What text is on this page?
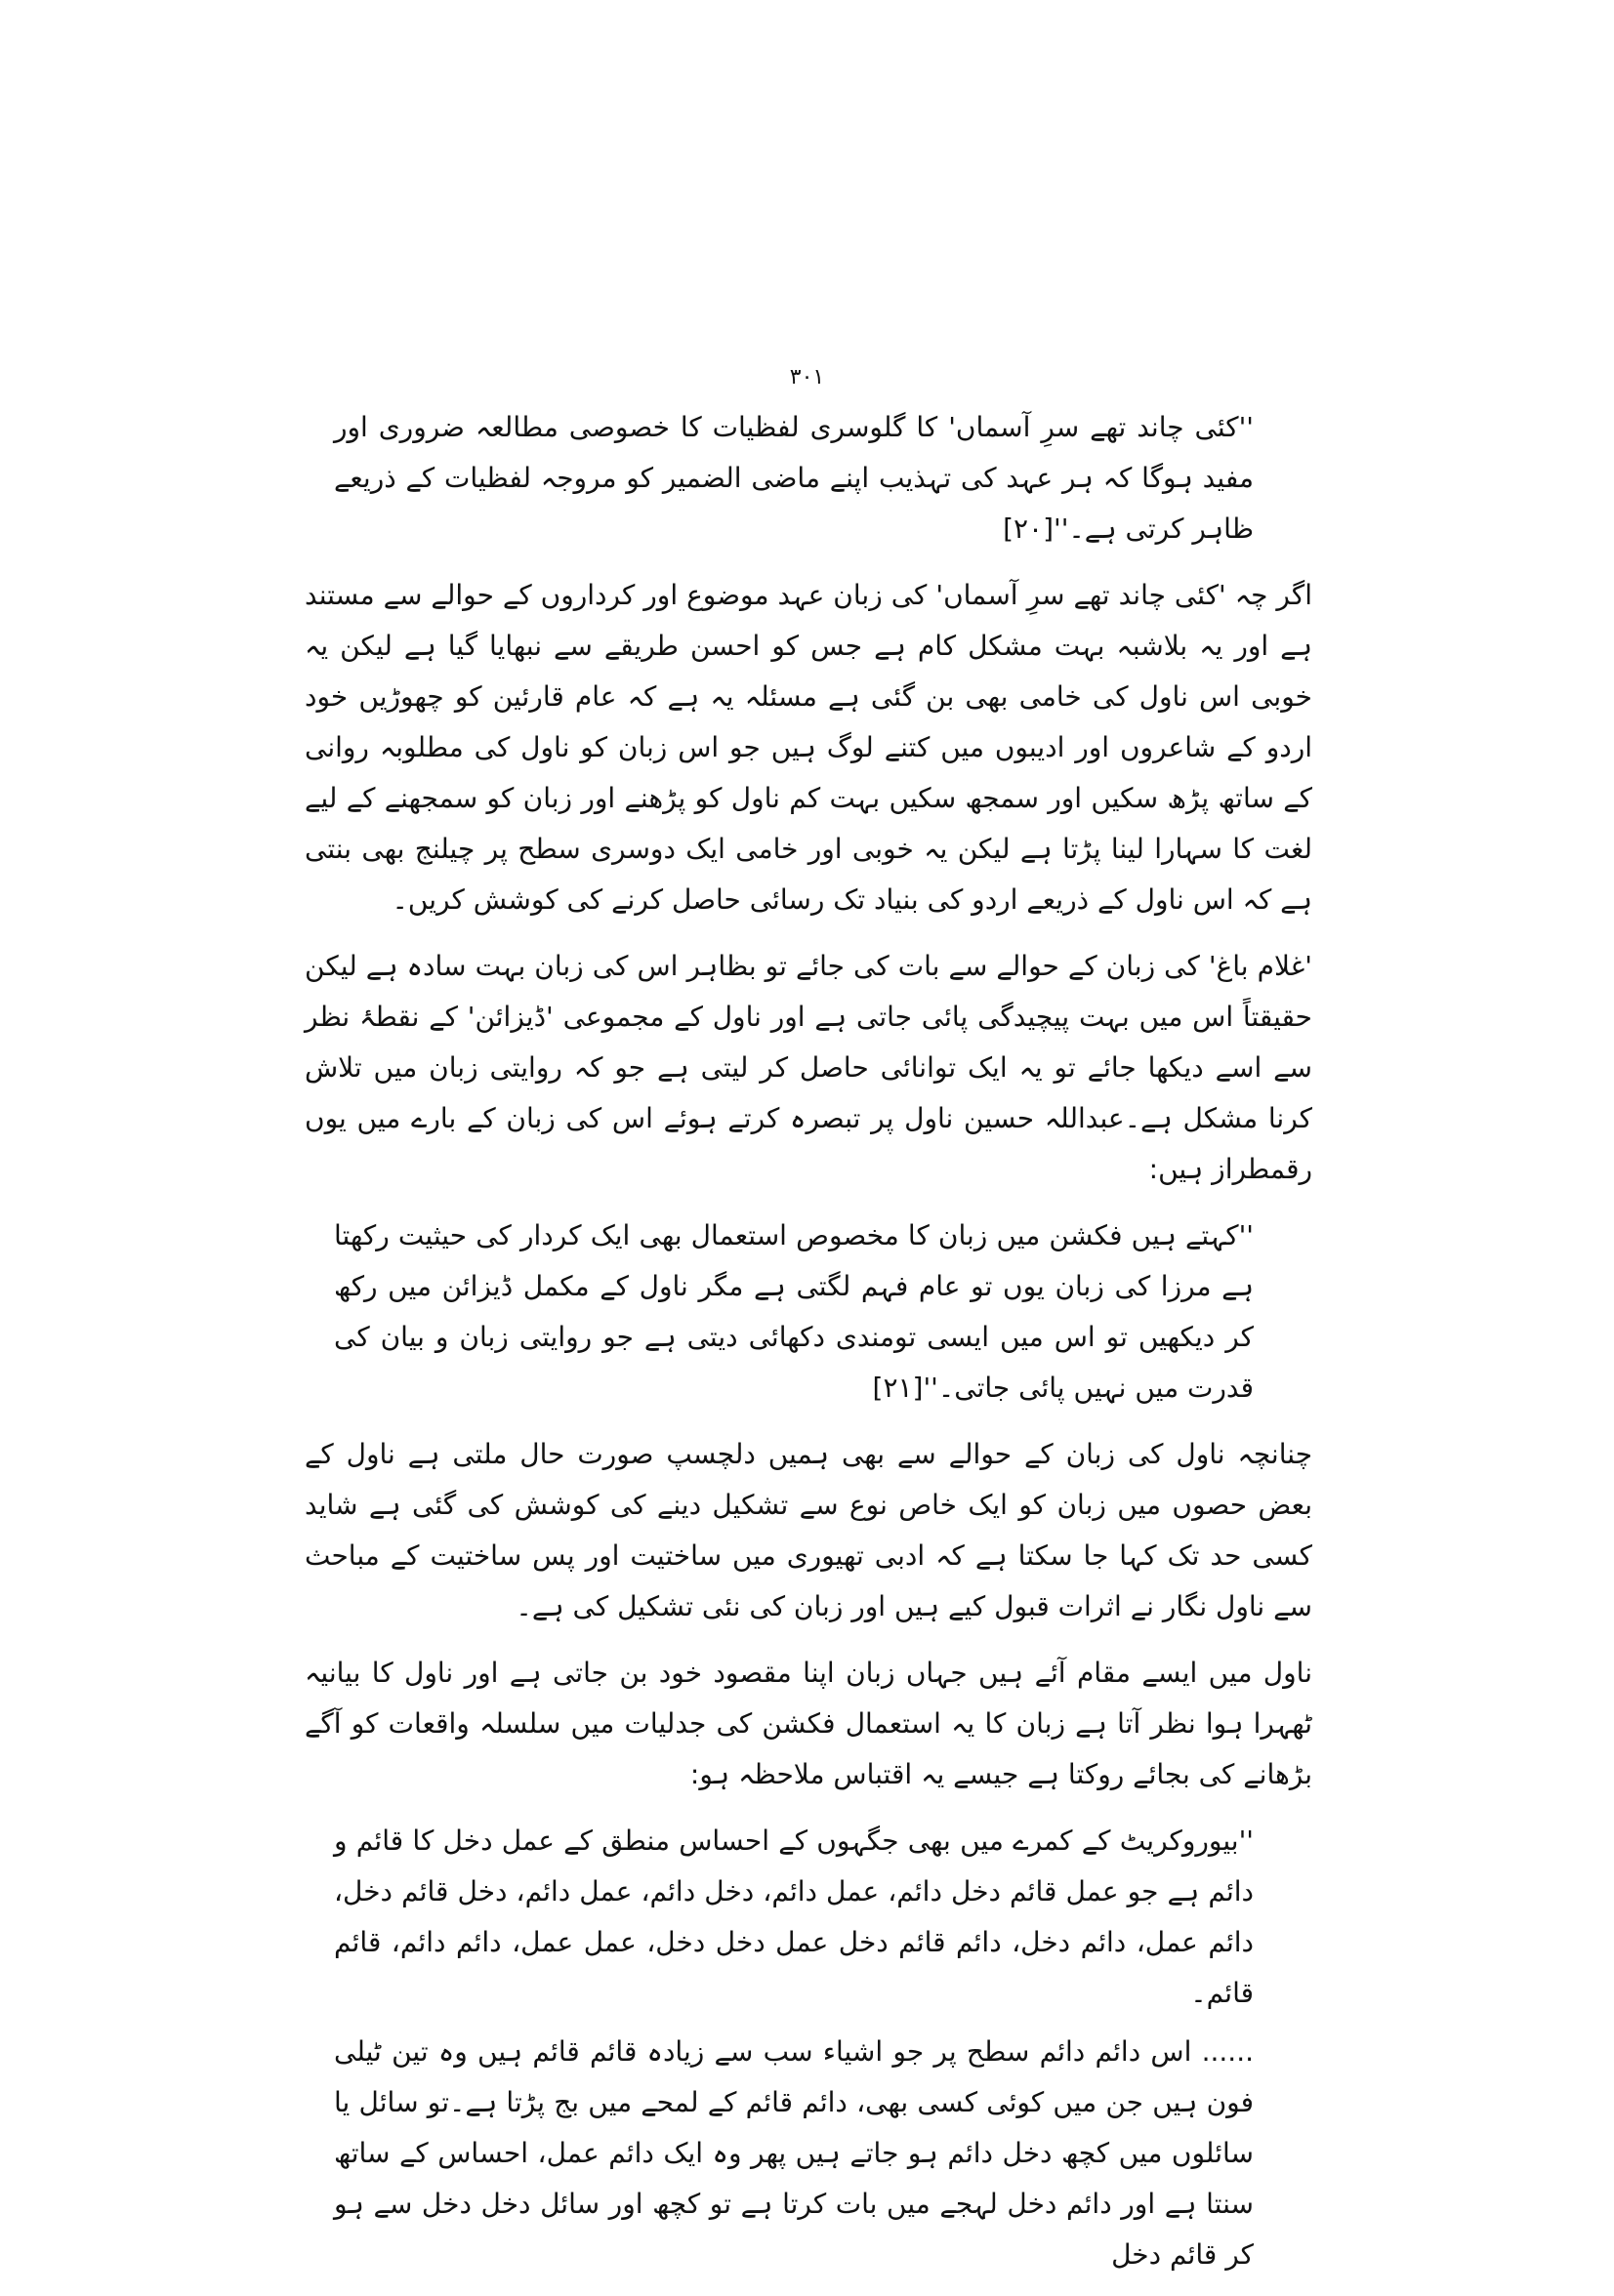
۳۰۱

''کئی چاند تھے سرِ آسماں' کا گلوسری لفظیات کا خصوصی مطالعہ ضروری اور مفید ہوگا کہ ہر عہد کی تہذیب اپنے ماضی الضمیر کو مروجہ لفظیات کے ذریعے ظاہر کرتی ہے۔''[۲۰]

اگر چہ 'کئی چاند تھے سرِ آسماں' کی زبان عہد موضوع اور کرداروں کے حوالے سے مستند ہے اور یہ بلاشبہ بہت مشکل کام ہے جس کو احسن طریقے سے نبھایا گیا ہے لیکن یہ خوبی اس ناول کی خامی بھی بن گئی ہے مسئلہ یہ ہے کہ عام قارئین کو چھوڑیں خود اردو کے شاعروں اور ادیبوں میں کتنے لوگ ہیں جو اس زبان کو ناول کی مطلوبہ روانی کے ساتھ پڑھ سکیں اور سمجھ سکیں بہت کم ناول کو پڑھنے اور زبان کو سمجھنے کے لیے لغت کا سہارا لینا پڑتا ہے لیکن یہ خوبی اور خامی ایک دوسری سطح پر چیلنج بھی بنتی ہے کہ اس ناول کے ذریعے اردو کی بنیاد تک رسائی حاصل کرنے کی کوشش کریں۔

'غلام باغ' کی زبان کے حوالے سے بات کی جائے تو بظاہر اس کی زبان بہت سادہ ہے لیکن حقیقتاً اس میں بہت پیچیدگی پائی جاتی ہے اور ناول کے مجموعی 'ڈیزائن' کے نقطۂ نظر سے اسے دیکھا جائے تو یہ ایک توانائی حاصل کر لیتی ہے جو کہ روایتی زبان میں تلاش کرنا مشکل ہے۔عبداللہ حسین ناول پر تبصرہ کرتے ہوئے اس کی زبان کے بارے میں یوں رقمطراز ہیں:

''کہتے ہیں فکشن میں زبان کا مخصوص استعمال بھی ایک کردار کی حیثیت رکھتا ہے مرزا کی زبان یوں تو عام فہم لگتی ہے مگر ناول کے مکمل ڈیزائن میں رکھ کر دیکھیں تو اس میں ایسی تومندی دکھائی دیتی ہے جو روایتی زبان و بیان کی قدرت میں نہیں پائی جاتی۔''[۲۱]

چنانچہ ناول کی زبان کے حوالے سے بھی ہمیں دلچسپ صورت حال ملتی ہے ناول کے بعض حصوں میں زبان کو ایک خاص نوع سے تشکیل دینے کی کوشش کی گئی ہے شاید کسی حد تک کہا جا سکتا ہے کہ ادبی تھیوری میں ساختیت اور پس ساختیت کے مباحث سے ناول نگار نے اثرات قبول کیے ہیں اور زبان کی نئی تشکیل کی ہے۔

ناول میں ایسے مقام آئے ہیں جہاں زبان اپنا مقصود خود بن جاتی ہے اور ناول کا بیانیہ ٹھہرا ہوا نظر آتا ہے زبان کا یہ استعمال فکشن کی جدلیات میں سلسلہ واقعات کو آگے بڑھانے کی بجائے روکتا ہے جیسے یہ اقتباس ملاحظہ ہو:

''بیوروکریٹ کے کمرے میں بھی جگہوں کے احساس منطق کے عمل دخل کا قائم و دائم ہے جو عمل قائم دخل دائم، عمل دائم، دخل دائم، عمل دائم، دخل قائم دخل، دائم عمل، دائم دخل، دائم قائم دخل عمل دخل دخل، عمل عمل، دائم دائم، قائم قائم۔

...... اس دائم دائم سطح پر جو اشیاء سب سے زیادہ قائم قائم ہیں وہ تین ٹیلی فون ہیں جن میں کوئی کسی بھی، دائم قائم کے لمحے میں بج پڑتا ہے۔تو سائل یا سائلوں میں کچھ دخل دائم ہو جاتے ہیں پھر وہ ایک دائم عمل، احساس کے ساتھ سنتا ہے اور دائم دخل لہجے میں بات کرتا ہے تو کچھ اور سائل دخل دخل سے ہو کر قائم دخل
